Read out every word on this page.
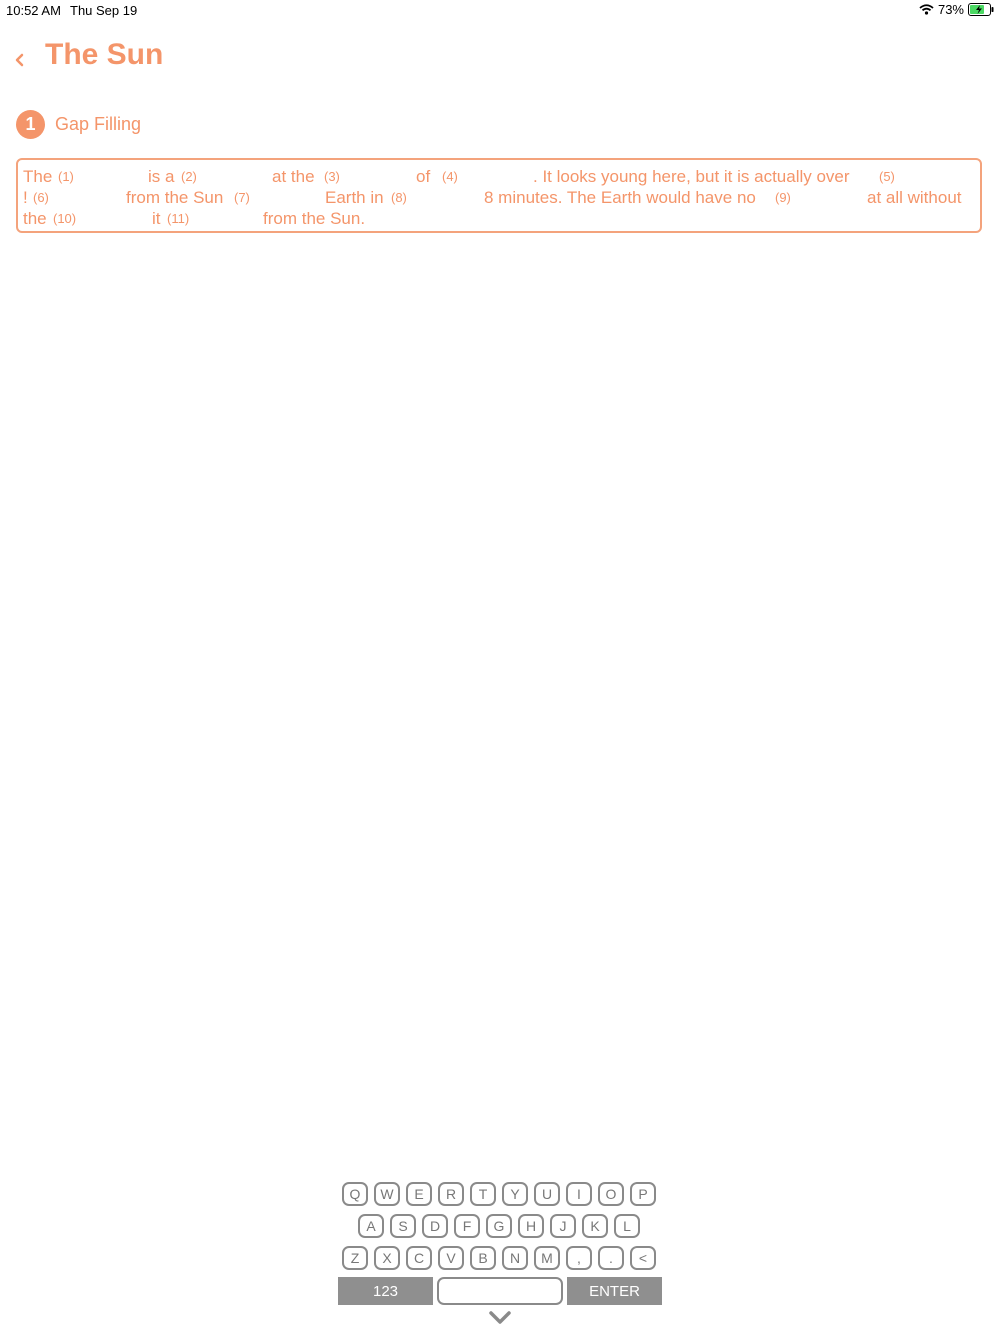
10:52 AM Thu Sep 19	73%
The Sun
1	Gap Filling
The (1)	is a (2)	at the (3)	of (4)	. It looks young here, but it is actually over (5)
! (6)	from the Sun (7)	Earth in (8)	8 minutes. The Earth would have no (9)	at all without
the (10)	it (11)	from the Sun.
Q	W	E	R	T	Y	U	I	O	P
A	S	D	F	G	H	J	K	L
Z	X	C	V	B	N	M	,	.	<
123	ENTER
